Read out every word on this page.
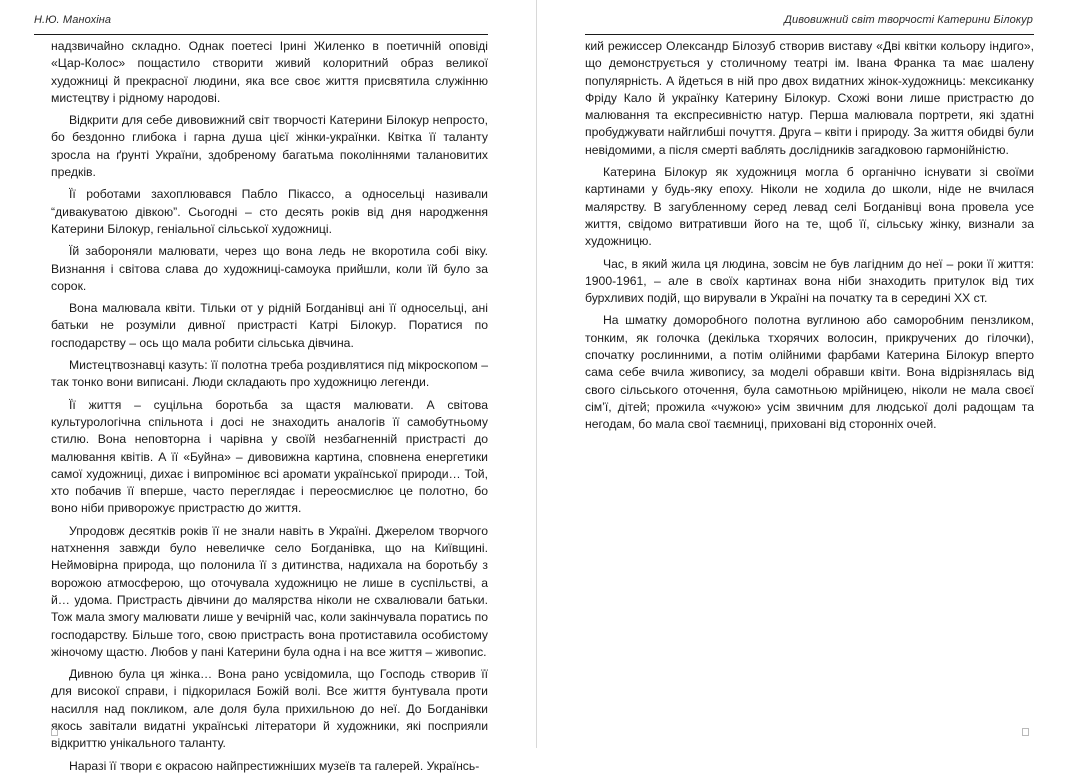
Н.Ю. Манохіна

надзвичайно складно. Однак поетесі Ірині Жиленко в поетичній оповіді «Цар-Колос» пощастило створити живий колоритний образ великої художниці й прекрасної людини, яка все своє життя присвятила служінню мистецтву і рідному народові.

Відкрити для себе дивовижний світ творчості Катерини Білокур непросто, бо бездонно глибока і гарна душа цієї жінки-українки. Квітка її таланту зросла на ґрунті України, здобреному багатьма поколіннями талановитих предків.

Її роботами захоплювався Пабло Пікассо, а односельці називали “дивакуватою дівкою”. Сьогодні – сто десять років від дня народження Катерини Білокур, геніальної сільської художниці.

Їй забороняли малювати, через що вона ледь не вкоротила собі віку. Визнання і світова слава до художниці-самоука прийшли, коли їй було за сорок.

Вона малювала квіти. Тільки от у рідній Богданівці ані її односельці, ані батьки не розуміли дивної пристрасті Катрі Білокур. Поратися по господарству – ось що мала робити сільська дівчина.

Мистецтвознавці казуть: її полотна треба роздивлятися під мікроскопом – так тонко вони виписані. Люди складають про художницю легенди.

Її життя – суцільна боротьба за щастя малювати. А світова культурологічна спільнота і досі не знаходить аналогів її самобутньому стилю. Вона неповторна і чарівна у своїй незбагненній пристрасті до малювання квітів. А її «Буйна» – дивовижна картина, сповнена енергетики самої художниці, дихає і випромінює всі аромати української природи… Той, хто побачив її вперше, часто переглядає і переосмислює це полотно, бо воно ніби приворожує пристрастю до життя.

Упродовж десятків років її не знали навіть в Україні. Джерелом творчого натхнення завжди було невеличке село Богданівка, що на Київщині. Неймовірна природа, що полонила її з дитинства, надихала на боротьбу з ворожою атмосферою, що оточувала художницю не лише в суспільстві, а й… удома. Пристрасть дівчини до малярства ніколи не схвалювали батьки. Тож мала змогу малювати лише у вечірній час, коли закінчувала поратись по господарству. Більше того, свою пристрасть вона протиставила особистому жіночому щастю. Любов у пані Катерини була одна і на все життя – живопис.

Дивною була ця жінка… Вона рано усвідомила, що Господь створив її для високої справи, і підкорилася Божій волі. Все життя бунтувала проти насилля над покликом, але доля була прихильною до неї. До Богданівки якось завітали видатні українські літератори й художники, які посприяли відкриттю унікального таланту.

Наразі її твори є окрасою найпрестижніших музеїв та галерей. Українсь-

Дивовижний світ творчості Катерини Білокур

кий режиссер Олександр Білозуб створив виставу «Дві квітки кольору індиго», що демонструється у столичному театрі ім. Івана Франка та має шалену популярність. А йдеться в ній про двох видатних жінок-художниць: мексиканку Фріду Кало й українку Катерину Білокур. Схожі вони лише пристрастю до малювання та експресивністю натур. Перша малювала портрети, які здатні пробуджувати найглибші почуття. Друга – квіти і природу. За життя обидві були невідомими, а після смерті ваблять дослідників загадковою гармонійністю.

Катерина Білокур як художниця могла б органічно існувати зі своїми картинами у будь-яку епоху. Ніколи не ходила до школи, ніде не вчилася малярству. В загубленному серед левад селі Богданівці вона провела усе життя, свідомо витративши його на те, щоб її, сільську жінку, визнали за художницю.

Час, в який жила ця людина, зовсім не був лагідним до неї – роки її життя: 1900-1961, – але в своїх картинах вона ніби знаходить притулок від тих бурхливих подій, що вирували в Україні на початку та в середині ХХ ст.

На шматку доморобного полотна вуглиною або саморобним пензликом, тонким, як голочка (декілька тхорячих волосин, прикручених до гілочки), спочатку рослинними, а потім олійними фарбами Катерина Білокур вперто сама себе вчила живопису, за моделі обравши квіти. Вона відрізнялась від свого сільського оточення, була самотньою мрійницею, ніколи не мала своєї сім’ї, дітей; прожила «чужою» усім звичним для людської долі радощам та негодам, бо мала свої таємниці, приховані від сторонніх очей.
